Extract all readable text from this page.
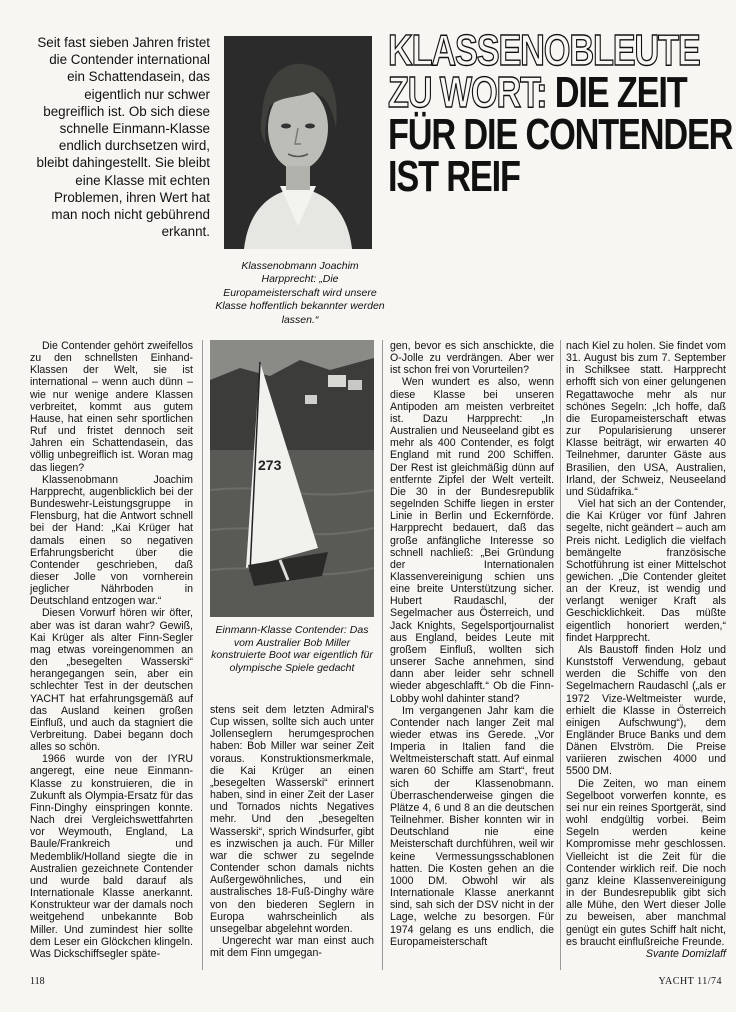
Seit fast sieben Jahren fristet die Contender international ein Schattendasein, das eigentlich nur schwer begreiflich ist. Ob sich diese schnelle Einmann-Klasse endlich durchsetzen wird, bleibt dahingestellt. Sie bleibt eine Klasse mit echten Problemen, ihren Wert hat man noch nicht gebührend erkannt.

Klassenobmann Joachim Harpprecht: „Die Europameisterschaft wird unsere Klasse hoffentlich bekannter werden lassen.“
KLASSENOBLEUTE
ZU WORT: DIE ZEIT
FÜR DIE CONTENDER
IST REIF

Die Contender gehört zweifellos zu den schnellsten Einhand-Klassen der Welt, sie ist international – wenn auch dünn – wie nur wenige andere Klassen verbreitet, kommt aus gutem Hause, hat einen sehr sportlichen Ruf und fristet dennoch seit Jahren ein Schattendasein, das völlig unbegreiflich ist. Woran mag das liegen?

Klassenobmann Joachim Harpprecht, augenblicklich bei der Bundeswehr-Leistungsgruppe in Flensburg, hat die Antwort schnell bei der Hand: „Kai Krüger hat damals einen so negativen Erfahrungsbericht über die Contender geschrieben, daß dieser Jolle von vornherein jeglicher Nährboden in Deutschland entzogen war.“

Diesen Vorwurf hören wir öfter, aber was ist daran wahr? Gewiß, Kai Krüger als alter Finn-Segler mag etwas voreingenommen an den „besegelten Wasserski“ herangegangen sein, aber ein schlechter Test in der deutschen YACHT hat erfahrungsgemäß auf das Ausland keinen großen Einfluß, und auch da stagniert die Verbreitung. Dabei begann doch alles so schön.

1966 wurde von der IYRU angeregt, eine neue Einmann-Klasse zu konstruieren, die in Zukunft als Olympia-Ersatz für das Finn-Dinghy einspringen konnte. Nach drei Vergleichswettfahrten vor Weymouth, England, La Baule/Frankreich und Medemblik/Holland siegte die in Australien gezeichnete Contender und wurde bald darauf als Internationale Klasse anerkannt. Konstrukteur war der damals noch weitgehend unbekannte Bob Miller. Und zumindest hier sollte dem Leser ein Glöckchen klingeln. Was Dickschiffsegler späte-

273
Einmann-Klasse Contender: Das vom Australier Bob Miller konstruierte Boot war eigentlich für olympische Spiele gedacht

stens seit dem letzten Admiral's Cup wissen, sollte sich auch unter Jollenseglern herumgesprochen haben: Bob Miller war seiner Zeit voraus. Konstruktionsmerkmale, die Kai Krüger an einen „besegelten Wasserski“ erinnert haben, sind in einer Zeit der Laser und Tornados nichts Negatives mehr. Und den „besegelten Wasserski“, sprich Windsurfer, gibt es inzwischen ja auch. Für Miller war die schwer zu segelnde Contender schon damals nichts Außergewöhnliches, und ein australisches 18-Fuß-Dinghy wäre von den biederen Seglern in Europa wahrscheinlich als unsegelbar abgelehnt worden.

Ungerecht war man einst auch mit dem Finn umgegan-

gen, bevor es sich anschickte, die O-Jolle zu verdrängen. Aber wer ist schon frei von Vorurteilen?

Wen wundert es also, wenn diese Klasse bei unseren Antipoden am meisten verbreitet ist. Dazu Harpprecht: „In Australien und Neuseeland gibt es mehr als 400 Contender, es folgt England mit rund 200 Schiffen. Der Rest ist gleichmäßig dünn auf entfernte Zipfel der Welt verteilt. Die 30 in der Bundesrepublik segelnden Schiffe liegen in erster Linie in Berlin und Eckernförde. Harpprecht bedauert, daß das große anfängliche Interesse so schnell nachließ: „Bei Gründung der Internationalen Klassenvereinigung schien uns eine breite Unterstützung sicher. Hubert Raudaschl, der Segelmacher aus Österreich, und Jack Knights, Segelsportjournalist aus England, beides Leute mit großem Einfluß, wollten sich unserer Sache annehmen, sind dann aber leider sehr schnell wieder abgeschlafft.“ Ob die Finn-Lobby wohl dahinter stand?

Im vergangenen Jahr kam die Contender nach langer Zeit mal wieder etwas ins Gerede. „Vor Imperia in Italien fand die Weltmeisterschaft statt. Auf einmal waren 60 Schiffe am Start“, freut sich der Klassenobmann. Überraschenderweise gingen die Plätze 4, 6 und 8 an die deutschen Teilnehmer. Bisher konnten wir in Deutschland nie eine Meisterschaft durchführen, weil wir keine Vermessungsschablonen hatten. Die Kosten gehen an die 1000 DM. Obwohl wir als Internationale Klasse anerkannt sind, sah sich der DSV nicht in der Lage, welche zu besorgen. Für 1974 gelang es uns endlich, die Europameisterschaft

nach Kiel zu holen. Sie findet vom 31. August bis zum 7. September in Schilksee statt. Harpprecht erhofft sich von einer gelungenen Regattawoche mehr als nur schönes Segeln: „Ich hoffe, daß die Europameisterschaft etwas zur Popularisierung unserer Klasse beiträgt, wir erwarten 40 Teilnehmer, darunter Gäste aus Brasilien, den USA, Australien, Irland, der Schweiz, Neuseeland und Südafrika.“

Viel hat sich an der Contender, die Kai Krüger vor fünf Jahren segelte, nicht geändert – auch am Preis nicht. Lediglich die vielfach bemängelte französische Schotführung ist einer Mittelschot gewichen. „Die Contender gleitet an der Kreuz, ist wendig und verlangt weniger Kraft als Geschicklichkeit. Das müßte eigentlich honoriert werden,“ findet Harpprecht.

Als Baustoff finden Holz und Kunststoff Verwendung, gebaut werden die Schiffe von den Segelmachern Raudaschl („als er 1972 Vize-Weltmeister wurde, erhielt die Klasse in Österreich einigen Aufschwung“), dem Engländer Bruce Banks und dem Dänen Elvström. Die Preise variieren zwischen 4000 und 5500 DM.

Die Zeiten, wo man einem Segelboot vorwerfen konnte, es sei nur ein reines Sportgerät, sind wohl endgültig vorbei. Beim Segeln werden keine Kompromisse mehr geschlossen. Vielleicht ist die Zeit für die Contender wirklich reif. Die noch ganz kleine Klassenvereinigung in der Bundesrepublik gibt sich alle Mühe, den Wert dieser Jolle zu beweisen, aber manchmal genügt ein gutes Schiff halt nicht, es braucht einflußreiche Freunde.

Svante Domizlaff
118	YACHT 11/74
